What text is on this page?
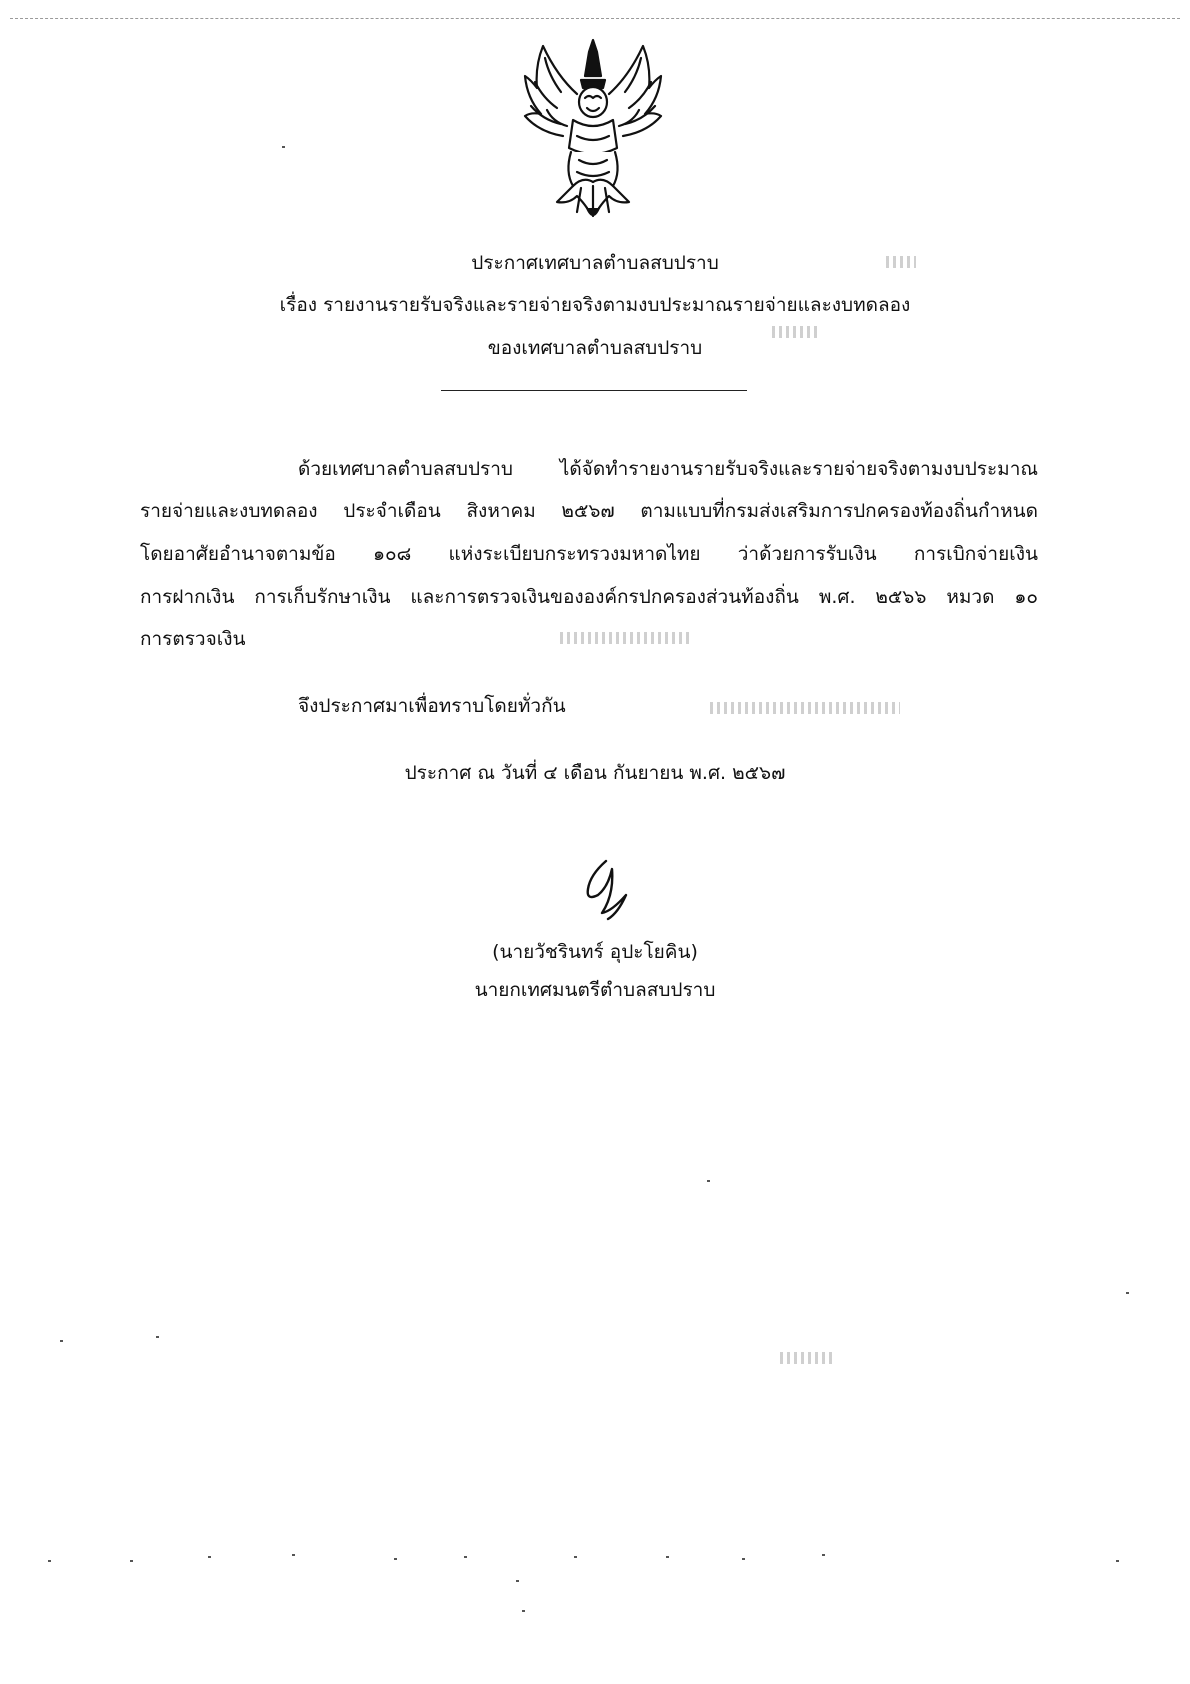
ประกาศเทศบาลตำบลสบปราบ
เรื่อง รายงานรายรับจริงและรายจ่ายจริงตามงบประมาณรายจ่ายและงบทดลอง
ของเทศบาลตำบลสบปราบ
ด้วยเทศบาลตำบลสบปราบ ได้จัดทำรายงานรายรับจริงและรายจ่ายจริงตามงบประมาณ
รายจ่ายและงบทดลอง ประจำเดือน สิงหาคม ๒๕๖๗ ตามแบบที่กรมส่งเสริมการปกครองท้องถิ่นกำหนด
โดยอาศัยอำนาจตามข้อ ๑๐๘ แห่งระเบียบกระทรวงมหาดไทย ว่าด้วยการรับเงิน การเบิกจ่ายเงิน
การฝากเงิน การเก็บรักษาเงิน และการตรวจเงินขององค์กรปกครองส่วนท้องถิ่น พ.ศ. ๒๕๖๖ หมวด ๑๐
การตรวจเงิน
จึงประกาศมาเพื่อทราบโดยทั่วกัน
ประกาศ ณ วันที่ ๔ เดือน กันยายน พ.ศ. ๒๕๖๗
(นายวัชรินทร์ อุปะโยคิน)
นายกเทศมนตรีตำบลสบปราบ
